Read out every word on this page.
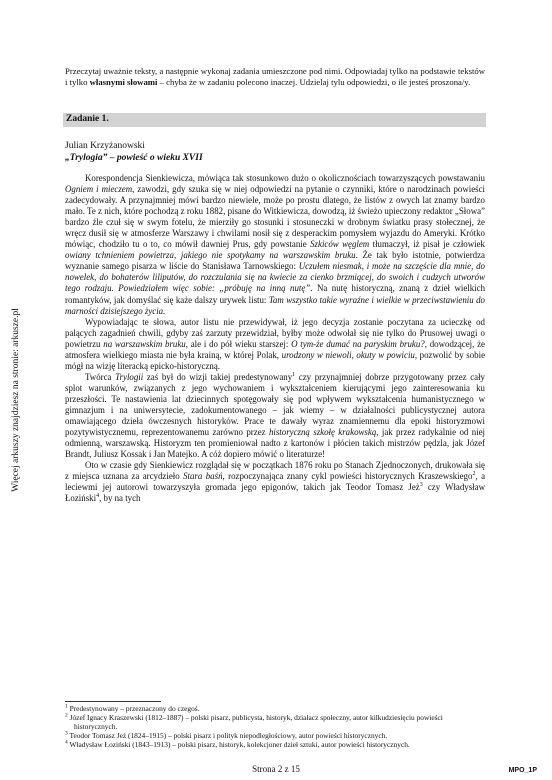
Więcej arkuszy znajdziesz na stronie: arkusze.pl
Przeczytaj uważnie teksty, a następnie wykonaj zadania umieszczone pod nimi. Odpowiadaj tylko na podstawie tekstów i tylko własnymi słowami – chyba że w zadaniu polecono inaczej. Udzielaj tylu odpowiedzi, o ile jesteś proszona/y.
Zadanie 1.
Julian Krzyżanowski
„Trylogia” – powieść o wieku XVII

Korespondencja Sienkiewicza, mówiąca tak stosunkowo dużo o okolicznościach towarzyszących powstawaniu Ogniem i mieczem, zawodzi, gdy szuka się w niej odpowiedzi na pytanie o czynniki, które o narodzinach powieści zadecydowały. A przynajmniej mówi bardzo niewiele, może po prostu dlatego, że listów z owych lat znamy bardzo mało. Te z nich, które pochodzą z roku 1882, pisane do Witkiewicza, dowodzą, iż świeżo upieczony redaktor „Słowa” bardzo źle czuł się w swym fotelu, że mierziły go stosunki i stosuneczki w drobnym światku prasy stołecznej, że wręcz dusił się w atmosferze Warszawy i chwilami nosił się z desperackim pomysłem wyjazdu do Ameryki. Krótko mówiąc, chodziło tu o to, co mówił dawniej Prus, gdy powstanie Szkiców węglem tłumaczył, iż pisał je człowiek owiany tchnieniem powietrza, jakiego nie spotykamy na warszawskim bruku. Że tak było istotnie, potwierdza wyznanie samego pisarza w liście do Stanisława Tarnowskiego: Uczułem niesmak, i może na szczęście dla mnie, do nowelek, do bohaterów liliputów, do rozczulania się na kwiecie za cienko brzmiącej, do swoich i cudzych utworów tego rodzaju. Powiedziałem więc sobie: „próbuję na inną nutę”. Na nutę historyczną, znaną z dzieł wielkich romantyków, jak domyślać się każe dalszy urywek listu: Tam wszystko takie wyraźne i wielkie w przeciwstawieniu do marności dzisiejszego życia.

Wypowiadając te słowa, autor listu nie przewidywał, iż jego decyzja zostanie poczytana za ucieczkę od palących zagadnień chwili, gdyby zaś zarzuty przewidział, byłby może odwołał się nie tylko do Prusowej uwagi o powietrzu na warszawskim bruku, ale i do pół wieku starszej: O tym-że dumać na paryskim bruku?, dowodzącej, że atmosfera wielkiego miasta nie była krainą, w której Polak, urodzony w niewoli, okuty w powiciu, pozwolić by sobie mógł na wizję literacką epicko-historyczną.

Twórca Trylogii zaś był do wizji takiej predestynowany$^1$ czy przynajmniej dobrze przygotowany przez cały splot warunków, związanych z jego wychowaniem i wykształceniem kierującymi jego zainteresowania ku przeszłości. Te nastawienia lat dziecinnych spotęgowały się pod wpływem wykształcenia humanistycznego w gimnazjum i na uniwersytecie, zadokumentowanego – jak wiemy – w działalności publicystycznej autora omawiającego dzieła ówczesnych historyków. Prace te dawały wyraz znamiennemu dla epoki historyzmowi pozytywistycznemu, reprezentowanemu zarówno przez historyczną szkołę krakowską, jak przez radykalnie od niej odmienną, warszawską. Historyzm ten promieniował nadto z kartonów i płócien takich mistrzów pędzla, jak Józef Brandt, Juliusz Kossak i Jan Matejko. A cóż dopiero mówić o literaturze!

Oto w czasie gdy Sienkiewicz rozglądał się w początkach 1876 roku po Stanach Zjednoczonych, drukowała się z miejsca uznana za arcydzieło Stara baśń, rozpoczynająca znany cykl powieści historycznych Kraszewskiego$^2$, a leciewmi jej autorowi towarzyszyła gromada jego epigonów, takich jak Teodor Tomasz Jeż$^3$ czy Władysław Łoziński$^4$, by na tych

$^1$ Predestynowany – przeznaczony do czegoś.
$^2$ Józef Ignacy Kraszewski (1812–1887) – polski pisarz, publicysta, historyk, działacz społeczny, autor kilkudziesięciu powieści historycznych.
$^3$ Teodor Tomasz Jeż (1824–1915) – polski pisarz i polityk niepodległościowy, autor powieści historycznych.
$^4$ Władysław Łoziński (1843–1913) – polski pisarz, historyk, kolekcjoner dzieł sztuki, autor powieści historycznych.
Strona 2 z 15	MPO_1P
